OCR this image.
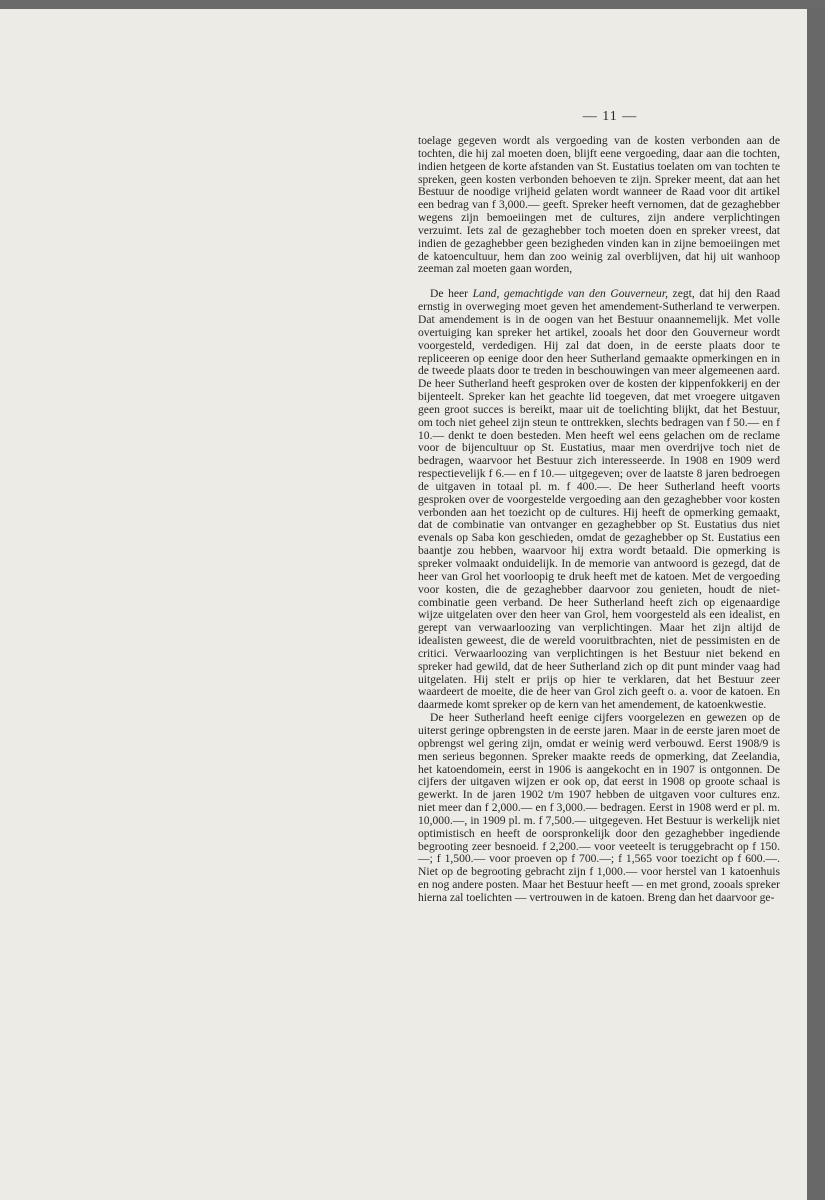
— 11 —

toelage gegeven wordt als vergoeding van de kosten verbonden aan de tochten, die hij zal moeten doen, blijft eene vergoeding, daar aan die tochten, indien hetgeen de korte afstanden van St. Eustatius toelaten om van tochten te spreken, geen kosten verbonden behoeven te zijn. Spreker meent, dat aan het Bestuur de noodige vrijheid gelaten wordt wanneer de Raad voor dit artikel een bedrag van f 3,000.— geeft. Spreker heeft vernomen, dat de gezaghebber wegens zijn bemoeiingen met de cultures, zijn andere verplichtingen verzuimt. Iets zal de gezaghebber toch moeten doen en spreker vreest, dat indien de gezaghebber geen bezigheden vinden kan in zijne bemoeiingen met de katoencultuur, hem dan zoo weinig zal overblijven, dat hij uit wanhoop zeeman zal moeten gaan worden,

De heer Land, gemachtigde van den Gouverneur, zegt, dat hij den Raad ernstig in overweging moet geven het amendement-Sutherland te verwerpen. Dat amendement is in de oogen van het Bestuur onaannemelijk. Met volle overtuiging kan spreker het artikel, zooals het door den Gouverneur wordt voorgesteld, verdedigen. Hij zal dat doen, in de eerste plaats door te repliceeren op eenige door den heer Sutherland gemaakte opmerkingen en in de tweede plaats door te treden in beschouwingen van meer algemeenen aard. De heer Sutherland heeft gesproken over de kosten der kippenfokkerij en der bijenteelt. Spreker kan het geachte lid toegeven, dat met vroegere uitgaven geen groot succes is bereikt, maar uit de toelichting blijkt, dat het Bestuur, om toch niet geheel zijn steun te onttrekken, slechts bedragen van f 50.— en f 10.— denkt te doen besteden. Men heeft wel eens gelachen om de reclame voor de bijencultuur op St. Eustatius, maar men overdrijve toch niet de bedragen, waarvoor het Bestuur zich interesseerde. In 1908 en 1909 werd respectievelijk f 6.— en f 10.— uitgegeven; over de laatste 8 jaren bedroegen de uitgaven in totaal pl. m. f 400.—. De heer Sutherland heeft voorts gesproken over de voorgestelde vergoeding aan den gezaghebber voor kosten verbonden aan het toezicht op de cultures. Hij heeft de opmerking gemaakt, dat de combinatie van ontvanger en gezaghebber op St. Eustatius dus niet evenals op Saba kon geschieden, omdat de gezaghebber op St. Eustatius een baantje zou hebben, waarvoor hij extra wordt betaald. Die opmerking is spreker volmaakt onduidelijk. In de memorie van antwoord is gezegd, dat de heer van Grol het voorloopig te druk heeft met de katoen. Met de vergoeding voor kosten, die de gezaghebber daarvoor zou genieten, houdt de niet-combinatie geen verband. De heer Sutherland heeft zich op eigenaardige wijze uitgelaten over den heer van Grol, hem voorgesteld als een idealist, en gerept van verwaarloozing van verplichtingen. Maar het zijn altijd de idealisten geweest, die de wereld vooruitbrachten, niet de pessimisten en de critici. Verwaarloozing van verplichtingen is het Bestuur niet bekend en spreker had gewild, dat de heer Sutherland zich op dit punt minder vaag had uitgelaten. Hij stelt er prijs op hier te verklaren, dat het Bestuur zeer waardeert de moeite, die de heer van Grol zich geeft o. a. voor de katoen. En daarmede komt spreker op de kern van het amendement, de katoenkwestie.

De heer Sutherland heeft eenige cijfers voorgelezen en gewezen op de uiterst geringe opbrengsten in de eerste jaren. Maar in de eerste jaren moet de opbrengst wel gering zijn, omdat er weinig werd verbouwd. Eerst 1908/9 is men serieus begonnen. Spreker maakte reeds de opmerking, dat Zeelandia, het katoendomein, eerst in 1906 is aangekocht en in 1907 is ontgonnen. De cijfers der uitgaven wijzen er ook op, dat eerst in 1908 op groote schaal is gewerkt. In de jaren 1902 t/m 1907 hebben de uitgaven voor cultures enz. niet meer dan f 2,000.— en f 3,000.— bedragen. Eerst in 1908 werd er pl. m. 10,000.—, in 1909 pl. m. f 7,500.— uitgegeven. Het Bestuur is werkelijk niet optimistisch en heeft de oorspronkelijk door den gezaghebber ingediende begrooting zeer besnoeid. f 2,200.— voor veeteelt is teruggebracht op f 150.—; f 1,500.— voor proeven op f 700.—; f 1,565 voor toezicht op f 600.—. Niet op de begrooting gebracht zijn f 1,000.— voor herstel van 1 katoenhuis en nog andere posten. Maar het Bestuur heeft — en met grond, zooals spreker hierna zal toelichten — vertrouwen in de katoen. Breng dan het daarvoor ge-
